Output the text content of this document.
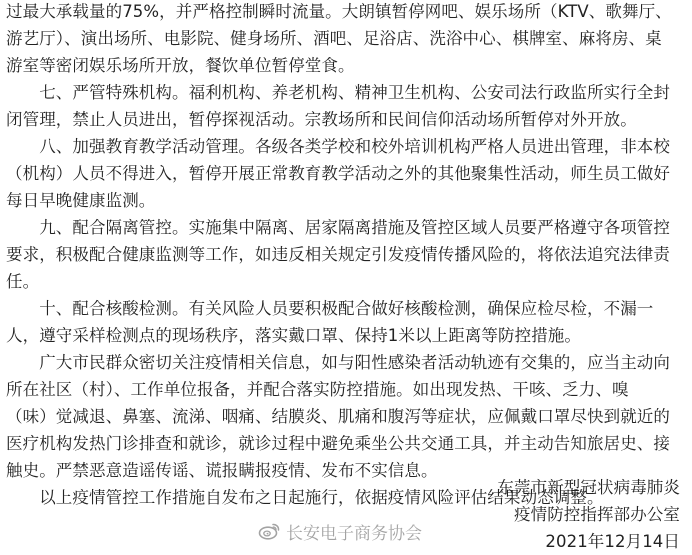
过最大承载量的75%，并严格控制瞬时流量。大朗镇暂停网吧、娱乐场所（KTV、歌舞厅、
游艺厅）、演出场所、电影院、健身场所、酒吧、足浴店、洗浴中心、棋牌室、麻将房、桌
游室等密闭娱乐场所开放，餐饮单位暂停堂食。
　　七、严管特殊机构。福利机构、养老机构、精神卫生机构、公安司法行政监所实行全封
闭管理，禁止人员进出，暂停探视活动。宗教场所和民间信仰活动场所暂停对外开放。
　　八、加强教育教学活动管理。各级各类学校和校外培训机构严格人员进出管理，非本校
（机构）人员不得进入，暂停开展正常教育教学活动之外的其他聚集性活动，师生员工做好
每日早晚健康监测。
　　九、配合隔离管控。实施集中隔离、居家隔离措施及管控区域人员要严格遵守各项管控
要求，积极配合健康监测等工作，如违反相关规定引发疫情传播风险的，将依法追究法律责
任。
　　十、配合核酸检测。有关风险人员要积极配合做好核酸检测，确保应检尽检，不漏一
人，遵守采样检测点的现场秩序，落实戴口罩、保持1米以上距离等防控措施。
　　广大市民群众密切关注疫情相关信息，如与阳性感染者活动轨迹有交集的，应当主动向
所在社区（村）、工作单位报备，并配合落实防控措施。如出现发热、干咳、乏力、嗅
（味）觉减退、鼻塞、流涕、咽痛、结膜炎、肌痛和腹泻等症状，应佩戴口罩尽快到就近的
医疗机构发热门诊排查和就诊，就诊过程中避免乘坐公共交通工具，并主动告知旅居史、接
触史。严禁恶意造谣传谣、谎报瞒报疫情、发布不实信息。
　　以上疫情管控工作措施自发布之日起施行，依据疫情风险评估结果动态调整。
东莞市新型冠状病毒肺炎
疫情防控指挥部办公室
2021年12月14日
长安电子商务协会
